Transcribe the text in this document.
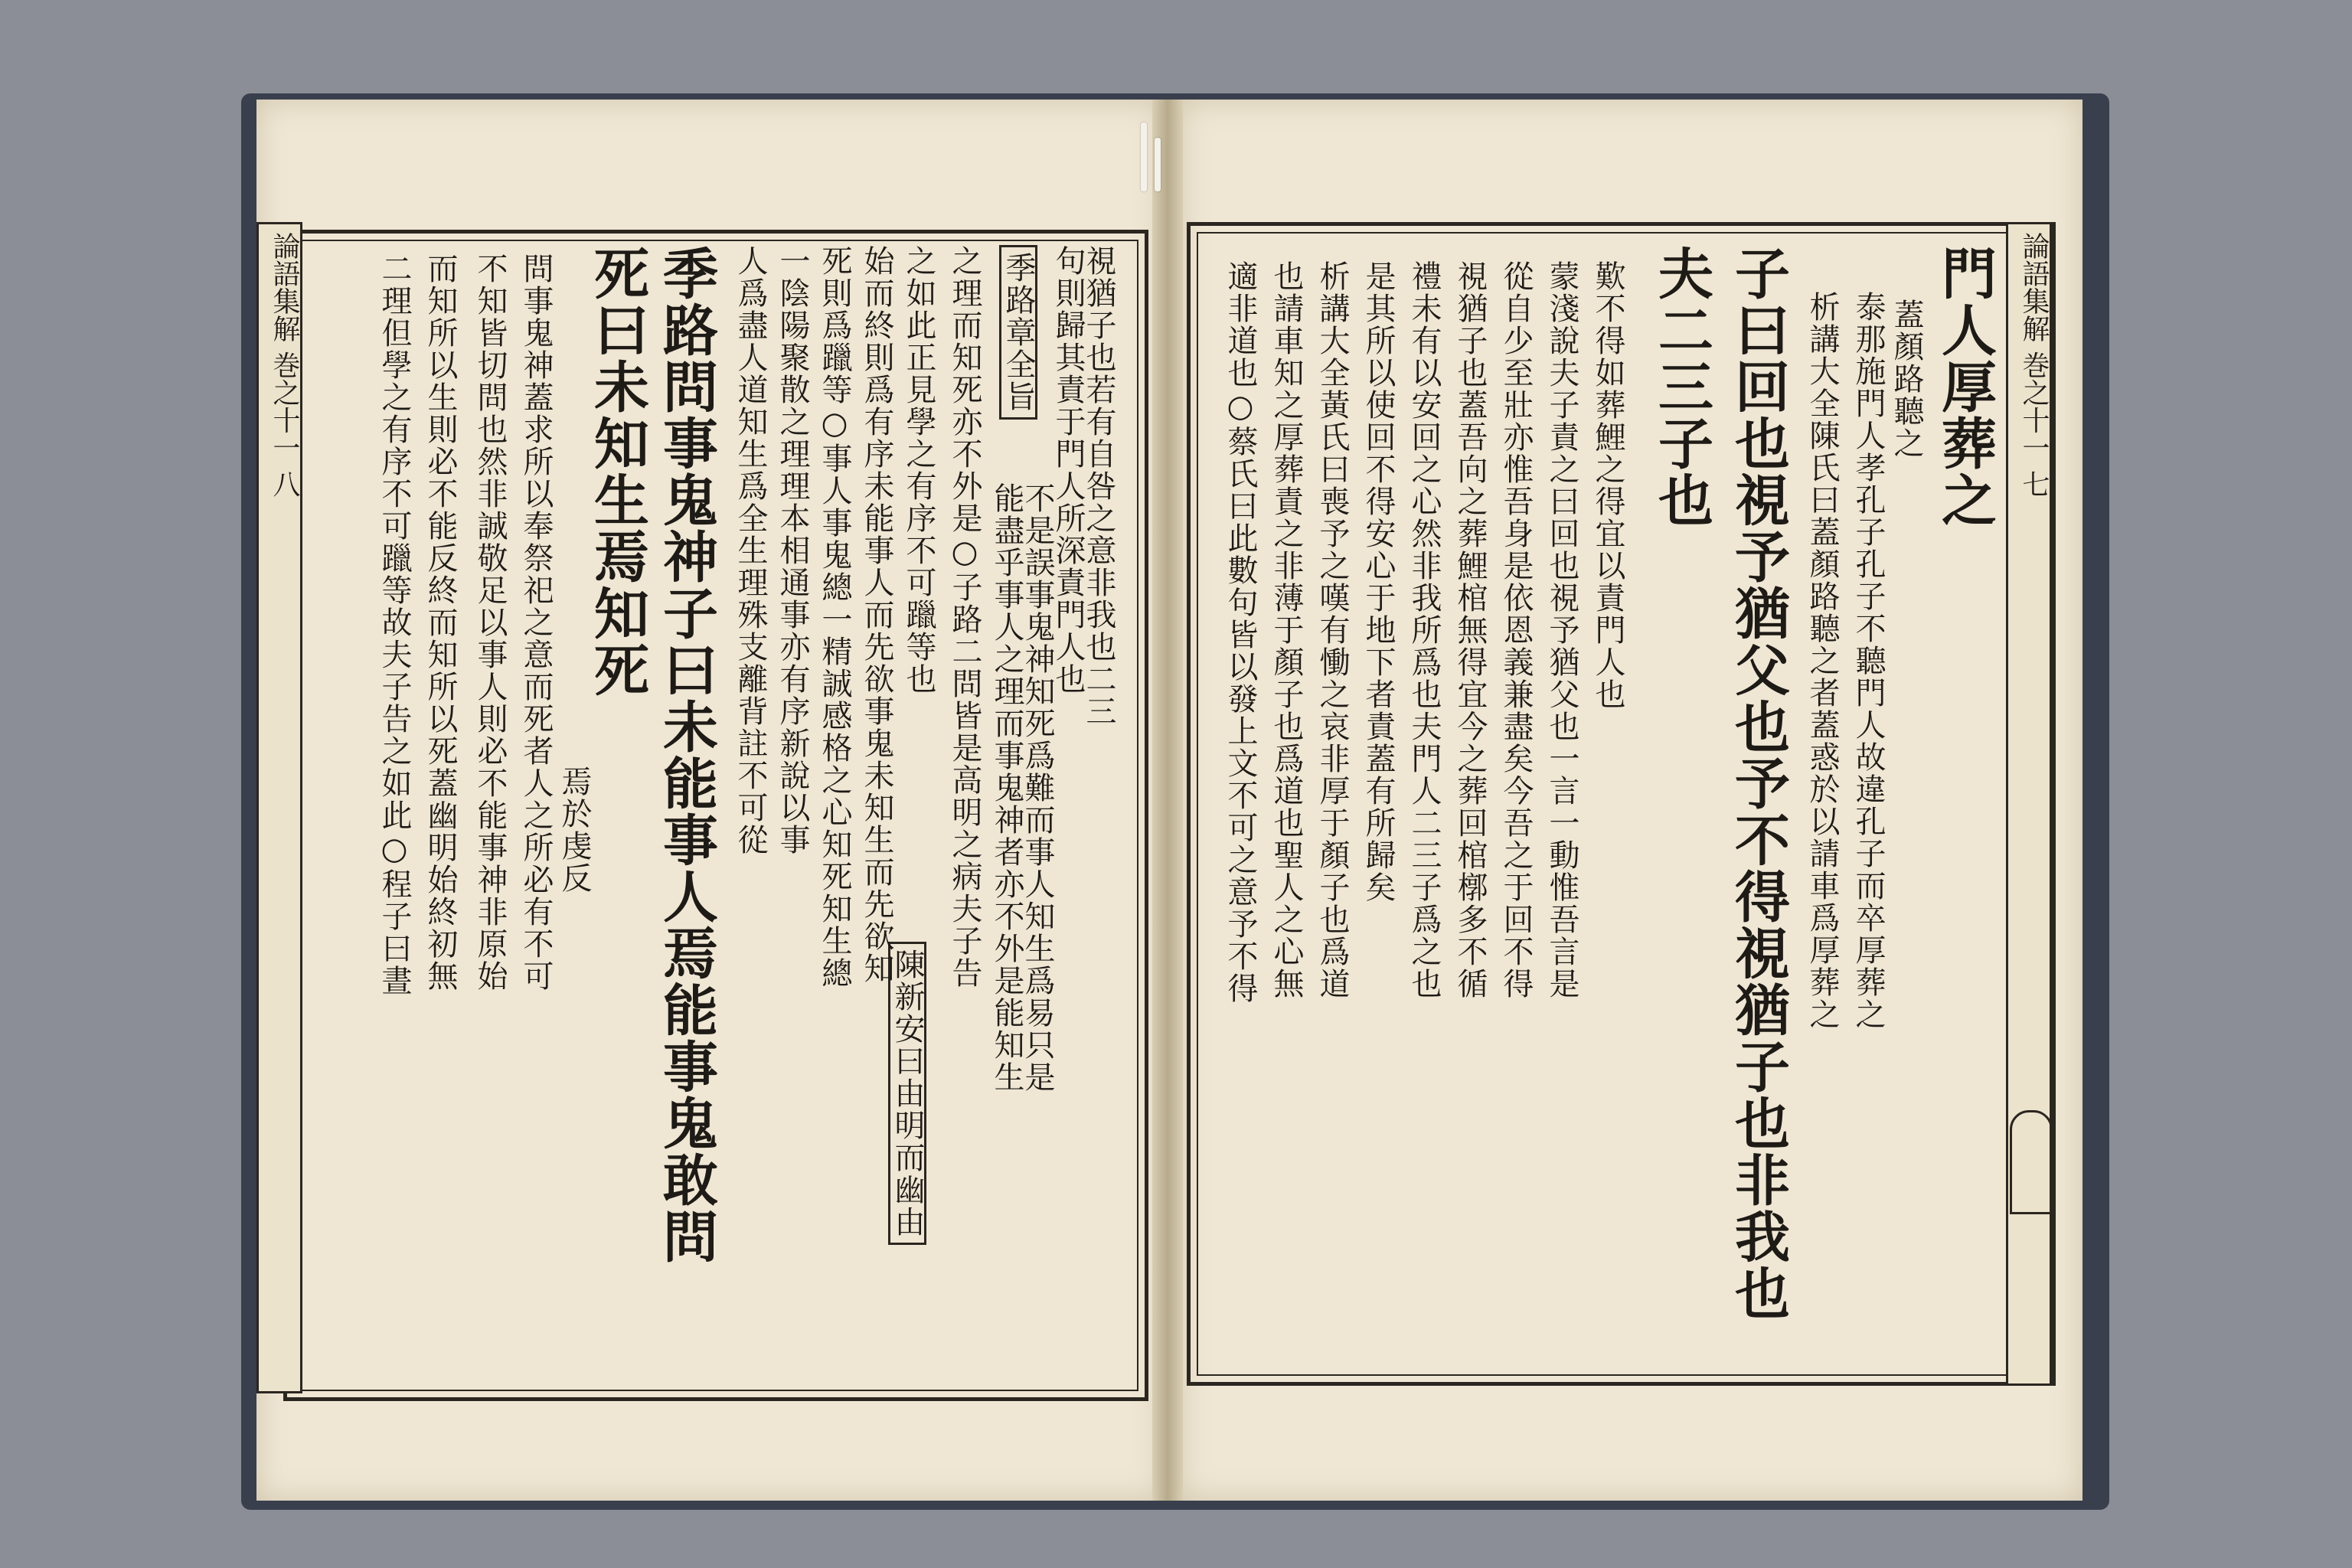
論語集解 巻之十一 八	視猶子也若有自咎之意非我也二三
句則歸其責于門人所深責門人也
季路章全旨
不是誤事鬼神知死爲難而事人知生爲易只是
能盡乎事人之理而事鬼神者亦不外是能知生
之理而知死亦不外是○子路二問皆是高明之病夫子告
之如此正見學之有序不可躐等也
陳新安曰由明而幽由
始而終則爲有序未能事人而先欲事鬼未知生而先欲知
死則爲躐等○事人事鬼總一精誠感格之心知死知生總
一陰陽聚散之理理本相通事亦有序新說以事
人爲盡人道知生爲全生理殊支離背註不可從
季路問事鬼神子曰未能事人焉能事鬼敢問
死曰未知生焉知死
焉於虔反
問事鬼神蓋求所以奉祭祀之意而死者人之所必有不可
不知皆切問也然非誠敬足以事人則必不能事神非原始
而知所以生則必不能反終而知所以死蓋幽明始終初無
二理但學之有序不可躐等故夫子告之如此○程子曰晝	論語集解 巻之十一 七
門人厚葬之
蓋顏路聽之
泰那施門人孝孔子孔子不聽門人故違孔子而卒厚葬之
析講大全陳氏曰蓋顏路聽之者蓋惑於以請車爲厚葬之
子曰回也視予猶父也予不得視猶子也非我也
夫二三子也
歎不得如葬鯉之得宜以責門人也
蒙淺說夫子責之曰回也視予猶父也一言一動惟吾言是
從自少至壯亦惟吾身是依恩義兼盡矣今吾之于回不得
視猶子也蓋吾向之葬鯉棺無得宜今之葬回棺槨多不循
禮未有以安回之心然非我所爲也夫門人二三子爲之也
是其所以使回不得安心于地下者責蓋有所歸矣
析講大全黃氏曰喪予之嘆有慟之哀非厚于顏子也爲道
也請車知之厚葬責之非薄于顏子也爲道也聖人之心無
適非道也○蔡氏曰此數句皆以發上文不可之意予不得
